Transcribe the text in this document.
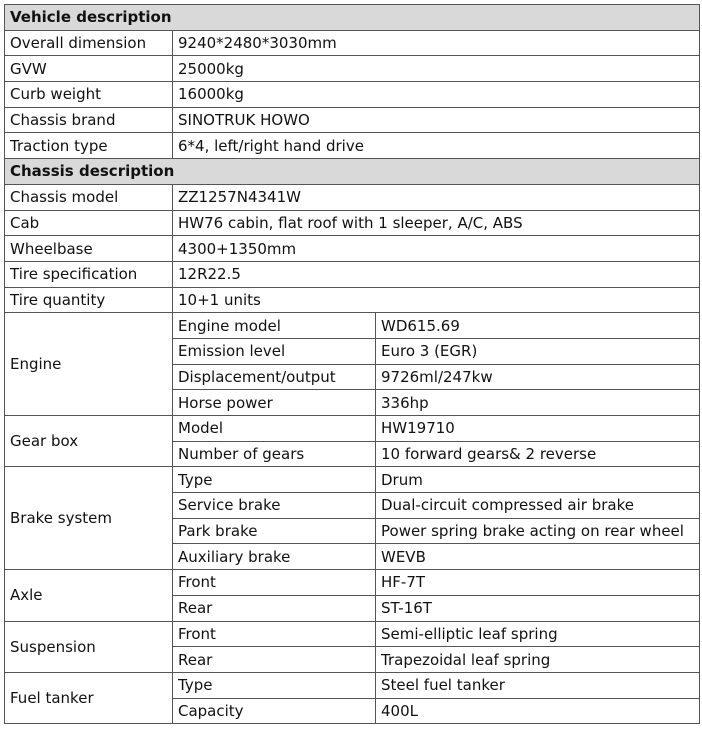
Vehicle description		
Overall dimension	9240*2480*3030mm	
GVW	25000kg	
Curb weight	16000kg	
Chassis brand	SINOTRUK HOWO	
Traction type	6*4, left/right hand drive	
Chassis description		
Chassis model	ZZ1257N4341W	
Cab	HW76 cabin, flat roof with 1 sleeper, A/C, ABS	
Wheelbase	4300+1350mm	
Tire specification	12R22.5	
Tire quantity	10+1 units	
Engine	Engine model	WD615.69
	Emission level	Euro 3 (EGR)
	Displacement/output	9726ml/247kw
	Horse power	336hp
Gear box	Model	HW19710
	Number of gears	10 forward gears& 2 reverse
Brake system	Type	Drum
	Service brake	Dual-circuit compressed air brake
	Park brake	Power spring brake acting on rear wheel
	Auxiliary brake	WEVB
Axle	Front	HF-7T
	Rear	ST-16T
Suspension	Front	Semi-elliptic leaf spring
	Rear	Trapezoidal leaf spring
Fuel tanker	Type	Steel fuel tanker
	Capacity	400L
